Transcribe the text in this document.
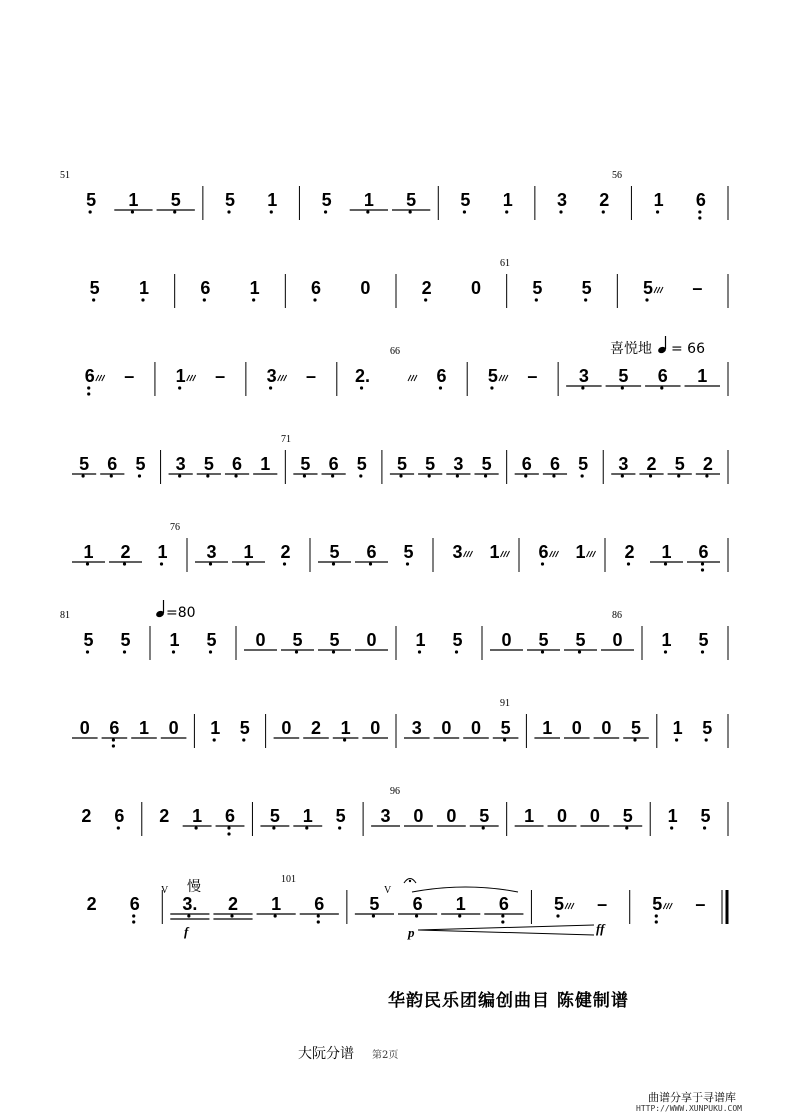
5 1 5 5 1 5 1 5 5 1 3 2 1 6
5 1	6 1	6 0	2 0	5 5	5 –
6 – 1 – 3 – 2.	6 5 – 3 5 6 1
5 6 5 3 5 6 1 5 6 5 5 5 3 5 6 6 5 3 2 5 2
1 2 1 3 1 2 5 6 5 3 1 6 1 2 1 6
5 5 1 5 0 5 5 0 1 5 0 5 5 0 1 5
0 6 1 0 1 5 0 2 1 0 3 0 0 5 1 0 0 5 1 5
2 6 2 1 6 5 1 5 3 0 0 5 1 0 0 5 1 5
2 6 3. 2 1 6	5 6 1 6	5 –	5 –
51	56
61
66
71
76
81	86
91
96
101
喜悦地 = 66
=80
慢
V	V
f	p	ff
华韵民乐团编创曲目 陈健制谱
大阮分谱 第2页
曲谱分享于寻谱库
HTTP://WWW.XUNPUKU.COM
